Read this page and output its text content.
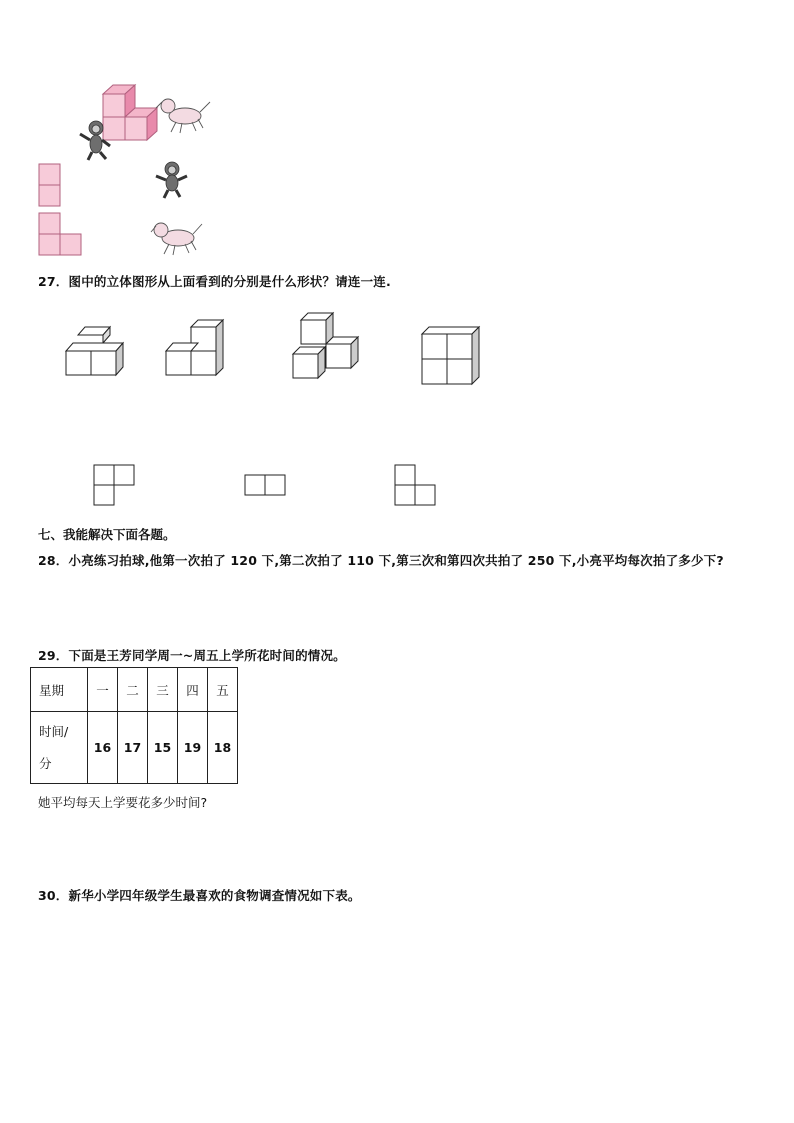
27．图中的立体图形从上面看到的分别是什么形状？请连一连.
七、我能解决下面各题。
28．小亮练习拍球,他第一次拍了 120 下,第二次拍了 110 下,第三次和第四次共拍了 250 下,小亮平均每次拍了多少下?
29．下面是王芳同学周一~周五上学所花时间的情况。
星期	一	二	三	四	五
时间/
分	16	17	15	19	18
她平均每天上学要花多少时间?
30．新华小学四年级学生最喜欢的食物调查情况如下表。
